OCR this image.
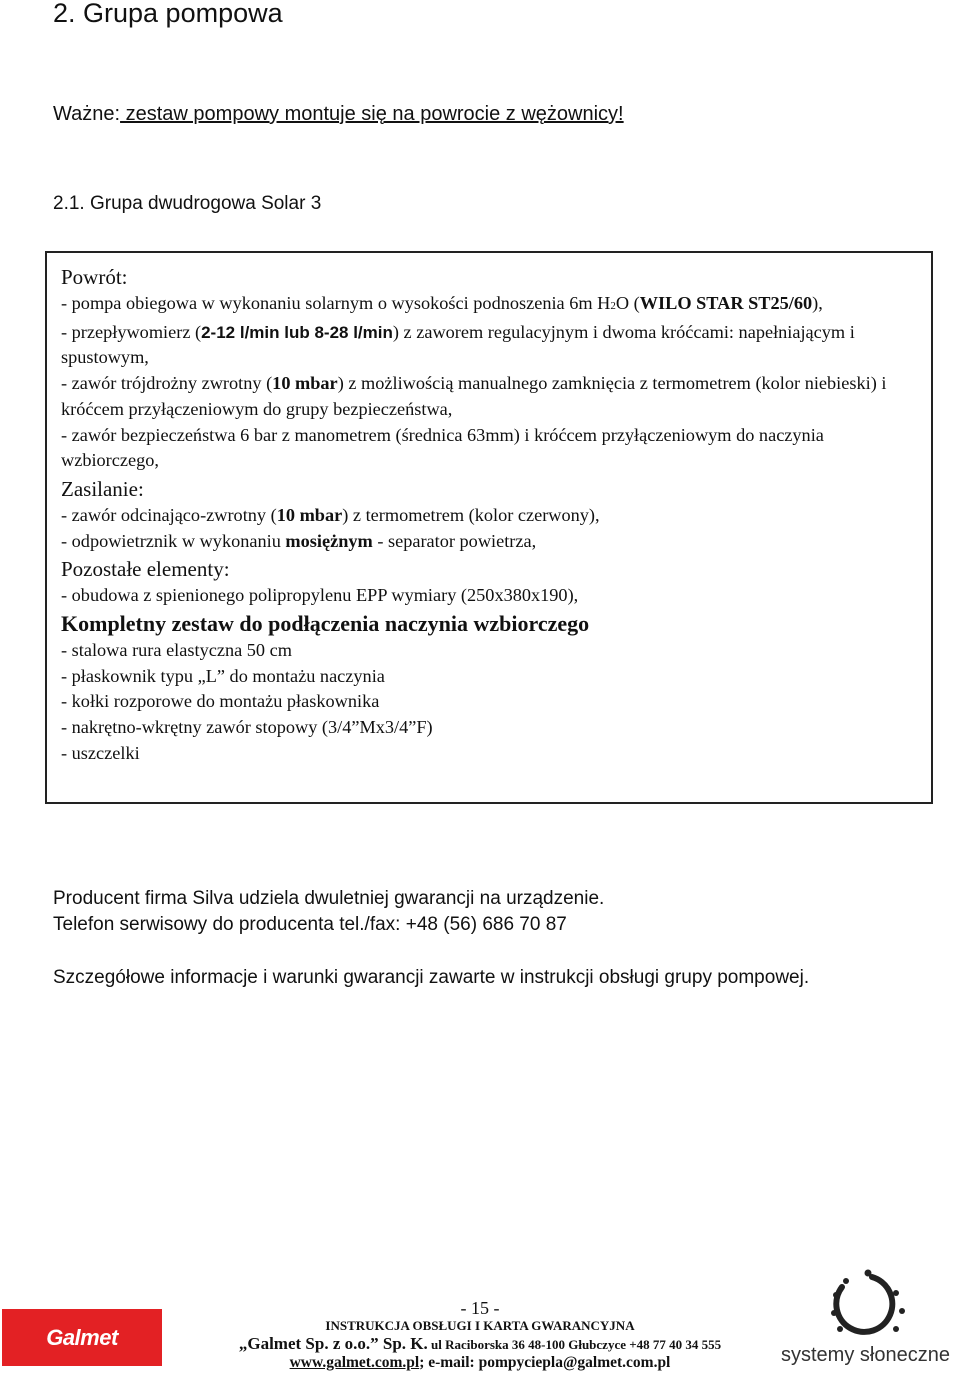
2. Grupa pompowa
Ważne: zestaw pompowy montuje się na powrocie z wężownicy!
2.1. Grupa dwudrogowa Solar 3

Powrót:

- pompa obiegowa w wykonaniu solarnym o wysokości podnoszenia 6m H2O (WILO STAR ST25/60),

- przepływomierz (2-12 l/min lub 8-28 l/min) z zaworem regulacyjnym i dwoma króćcami: napełniającym i spustowym,

- zawór trójdrożny zwrotny (10 mbar) z możliwością manualnego zamknięcia z termometrem (kolor niebieski) i króćcem przyłączeniowym do grupy bezpieczeństwa,

- zawór bezpieczeństwa 6 bar z manometrem (średnica 63mm) i króćcem przyłączeniowym do naczynia wzbiorczego,

Zasilanie:

- zawór odcinająco-zwrotny (10 mbar) z termometrem (kolor czerwony),

- odpowietrznik w wykonaniu mosiężnym - separator powietrza,

Pozostałe elementy:

- obudowa z spienionego polipropylenu EPP wymiary (250x380x190),

Kompletny zestaw do podłączenia naczynia wzbiorczego

- stalowa rura elastyczna 50 cm

- płaskownik typu „L” do montażu naczynia

- kołki rozporowe do montażu płaskownika

- nakrętno-wkrętny zawór stopowy (3/4”Mx3/4”F)

- uszczelki

Producent firma Silva udziela dwuletniej gwarancji na urządzenie.

Telefon serwisowy do producenta tel./fax: +48 (56) 686 70 87

Szczegółowe informacje i warunki gwarancji zawarte w instrukcji obsługi grupy pompowej.

Galmet
- 15 -
INSTRUKCJA OBSŁUGI I KARTA GWARANCYJNA
„Galmet Sp. z o.o.” Sp. K. ul Raciborska 36 48-100 Głubczyce +48 77 40 34 555
www.galmet.com.pl; e-mail: pompyciepla@galmet.com.pl	systemy słoneczne
